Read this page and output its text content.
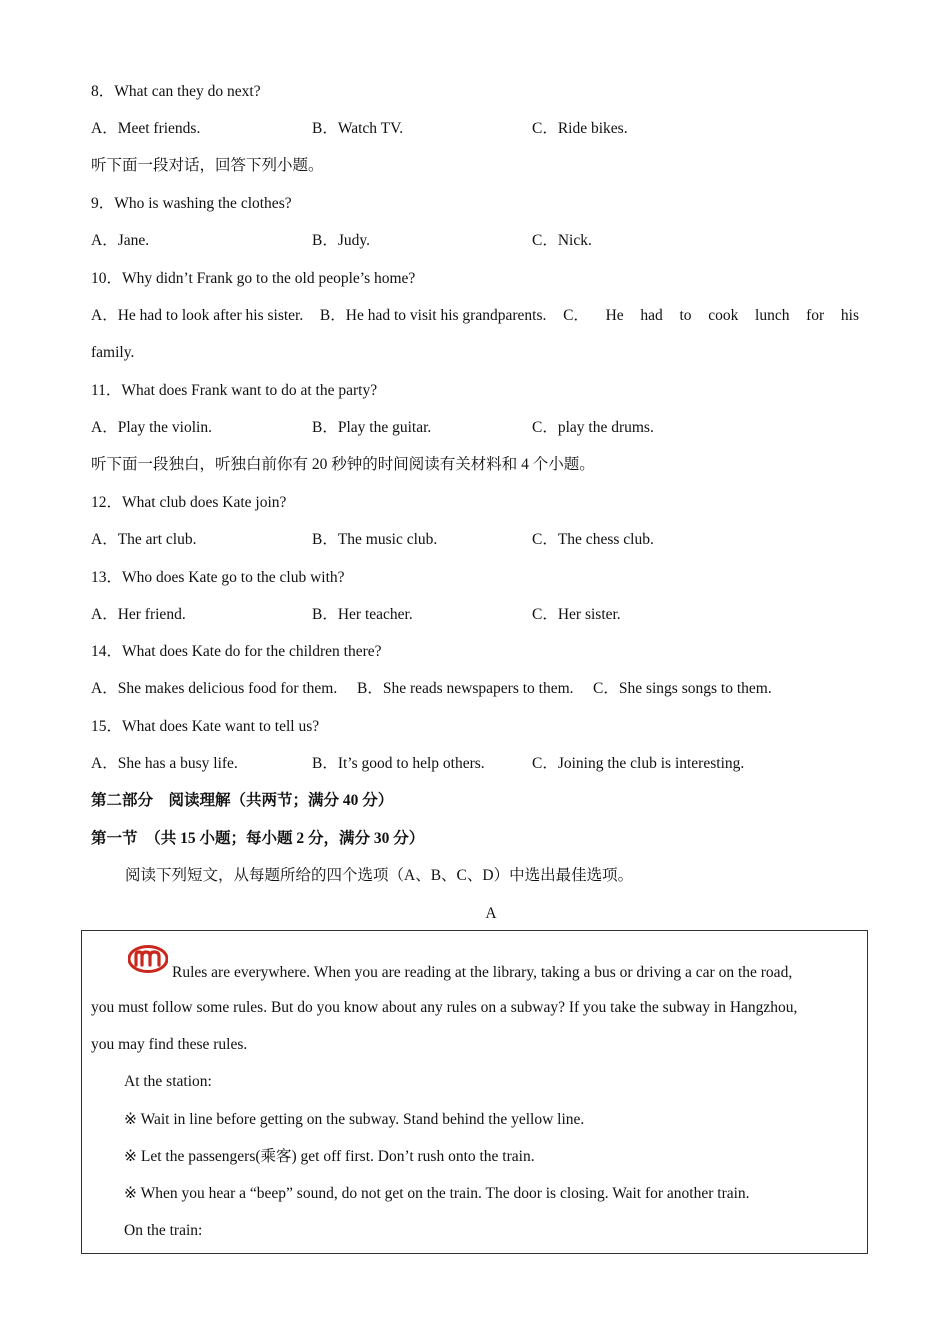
8．What can they do next?
A．Meet friends.	B．Watch TV.	C．Ride bikes.
听下面一段对话，回答下列小题。
9．Who is washing the clothes?
A．Jane.	B．Judy.	C．Nick.
10．Why didn’t Frank go to the old people’s home?
A．He had to look after his sister. B．He had to visit his grandparents. C． He had to cook lunch for his
family.
11．What does Frank want to do at the party?
A．Play the violin.	B．Play the guitar.	C．play the drums.
听下面一段独白，听独白前你有 20 秒钟的时间阅读有关材料和 4 个小题。
12．What club does Kate join?
A．The art club.	B．The music club.	C．The chess club.
13．Who does Kate go to the club with?
A．Her friend.	B．Her teacher.	C．Her sister.
14．What does Kate do for the children there?
A．She makes delicious food for them. B．She reads newspapers to them. C．She sings songs to them.
15．What does Kate want to tell us?
A．She has a busy life.	B．It’s good to help others.	C．Joining the club is interesting.
第二部分　阅读理解（共两节；满分 40 分）
第一节　（共 15 小题；每小题 2 分，满分 30 分）
阅读下列短文，从每题所给的四个选项（A、B、C、D）中选出最佳选项。
A
Rules are everywhere. When you are reading at the library, taking a bus or driving a car on the road,
you must follow some rules. But do you know about any rules on a subway? If you take the subway in Hangzhou,
you may find these rules.
At the station:
※ Wait in line before getting on the subway. Stand behind the yellow line.
※ Let the passengers(乘客) get off first. Don’t rush onto the train.
※ When you hear a “beep” sound, do not get on the train. The door is closing. Wait for another train.
On the train:
